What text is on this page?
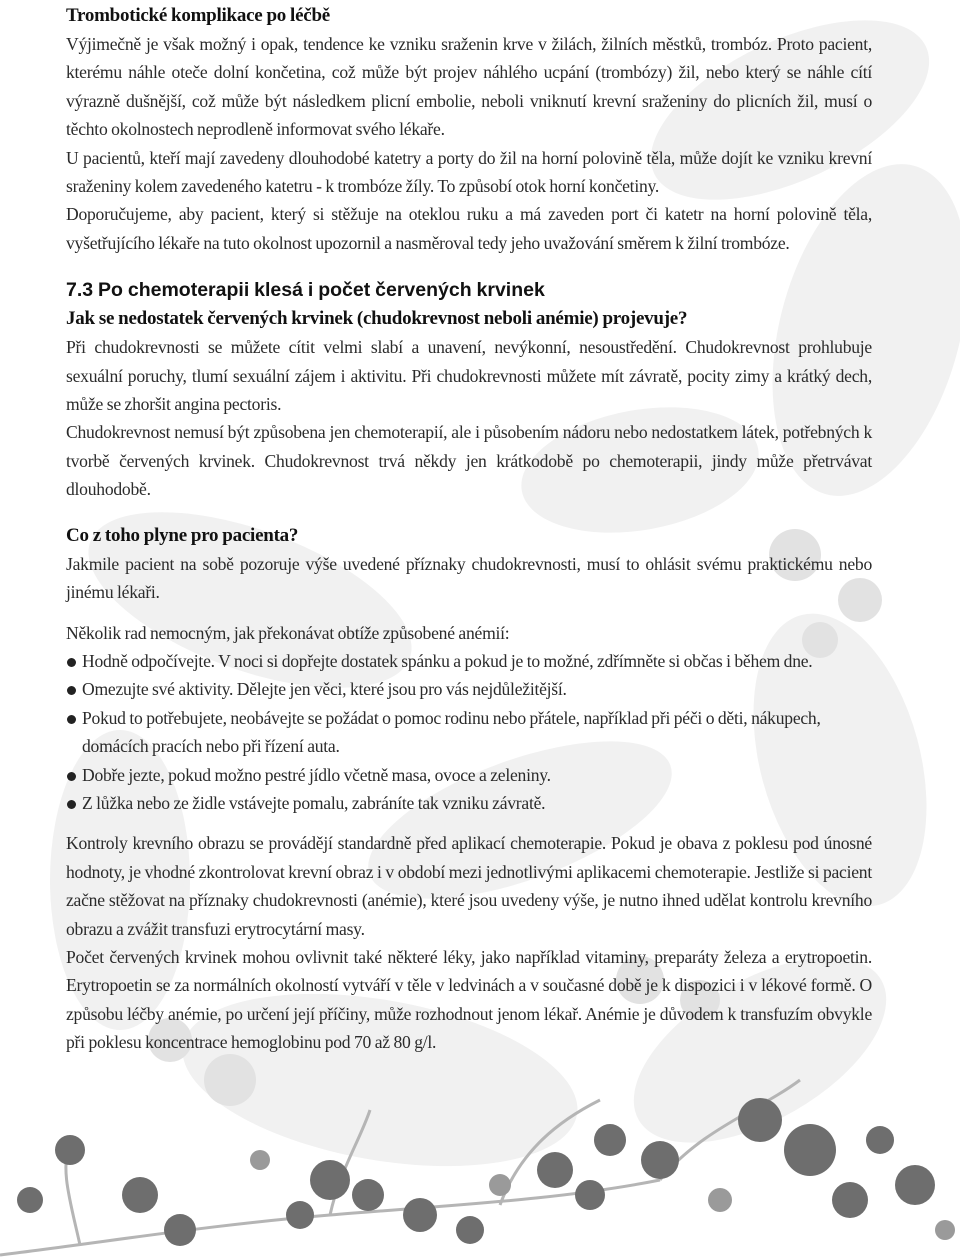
Trombotické komplikace po léčbě

Výjimečně je však možný i opak, tendence ke vzniku sraženin krve v žilách, žilních městků, trombóz. Proto pacient, kterému náhle oteče dolní končetina, což může být projev náhlého ucpání (trombózy) žil, nebo který se náhle cítí výrazně dušnější, což může být následkem plicní embolie, neboli vniknutí krevní sraženiny do plicních žil, musí o těchto okolnostech neprodleně informovat svého lékaře.

U pacientů, kteří mají zavedeny dlouhodobé katetry a porty do žil na horní polovině těla, může dojít ke vzniku krevní sraženiny kolem zavedeného katetru - k trombóze žíly. To způsobí otok horní končetiny.

Doporučujeme, aby pacient, který si stěžuje na oteklou ruku a má zaveden port či katetr na horní polovině těla, vyšetřujícího lékaře na tuto okolnost upozornil a nasměroval tedy jeho uvažování směrem k žilní trombóze.

7.3 Po chemoterapii klesá i počet červených krvinek
Jak se nedostatek červených krvinek (chudokrevnost neboli anémie) projevuje?

Při chudokrevnosti se můžete cítit velmi slabí a unavení, nevýkonní, nesoustředění. Chudokrevnost prohlubuje sexuální poruchy, tlumí sexuální zájem i aktivitu. Při chudokrevnosti můžete mít závratě, pocity zimy a krátký dech, může se zhoršit angina pectoris.

Chudokrevnost nemusí být způsobena jen chemoterapií, ale i působením nádoru nebo nedostatkem látek, potřebných k tvorbě červených krvinek. Chudokrevnost trvá někdy jen krátkodobě po chemoterapii, jindy může přetrvávat dlouhodobě.

Co z toho plyne pro pacienta?

Jakmile pacient na sobě pozoruje výše uvedené příznaky chudokrevnosti, musí to ohlásit svému praktickému nebo jinému lékaři.

Několik rad nemocným, jak překonávat obtíže způsobené anémií:

Hodně odpočívejte. V noci si dopřejte dostatek spánku a pokud je to možné, zdřímněte si občas i během dne.
Omezujte své aktivity. Dělejte jen věci, které jsou pro vás nejdůležitější.
Pokud to potřebujete, neobávejte se požádat o pomoc rodinu nebo přátele, například při péči o děti, nákupech, domácích pracích nebo při řízení auta.
Dobře jezte, pokud možno pestré jídlo včetně masa, ovoce a zeleniny.
Z lůžka nebo ze židle vstávejte pomalu, zabráníte tak vzniku závratě.

Kontroly krevního obrazu se provádějí standardně před aplikací chemoterapie. Pokud je obava z poklesu pod únosné hodnoty, je vhodné zkontrolovat krevní obraz i v období mezi jednotlivými aplikacemi chemoterapie. Jestliže si pacient začne stěžovat na příznaky chudokrevnosti (anémie), které jsou uvedeny výše, je nutno ihned udělat kontrolu krevního obrazu a zvážit transfuzi erytrocytární masy.

Počet červených krvinek mohou ovlivnit také některé léky, jako například vitaminy, preparáty železa a erytropoetin. Erytropoetin se za normálních okolností vytváří v těle v ledvinách a v současné době je k dispozici i v lékové formě. O způsobu léčby anémie, po určení její příčiny, může rozhodnout jenom lékař. Anémie je důvodem k transfuzím obvykle při poklesu koncentrace hemoglobinu pod 70 až 80 g/l.
